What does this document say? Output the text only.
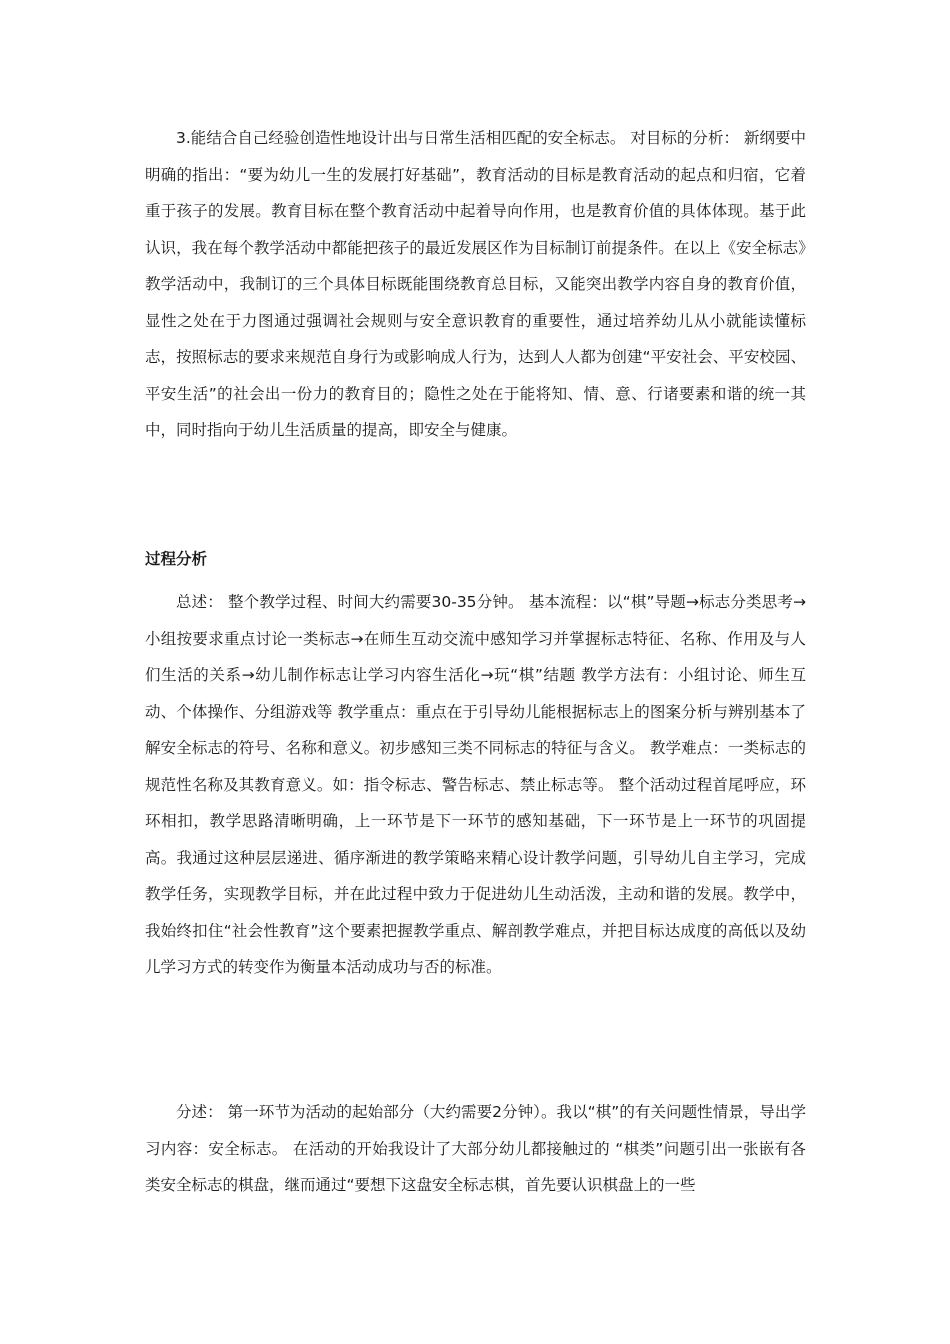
3.能结合自己经验创造性地设计出与日常生活相匹配的安全标志。 对目标的分析： 新纲要中明确的指出：“要为幼儿一生的发展打好基础”，教育活动的目标是教育活动的起点和归宿，它着重于孩子的发展。教育目标在整个教育活动中起着导向作用，也是教育价值的具体体现。基于此认识，我在每个教学活动中都能把孩子的最近发展区作为目标制订前提条件。在以上《安全标志》教学活动中，我制订的三个具体目标既能围绕教育总目标，又能突出教学内容自身的教育价值，显性之处在于力图通过强调社会规则与安全意识教育的重要性，通过培养幼儿从小就能读懂标志，按照标志的要求来规范自身行为或影响成人行为，达到人人都为创建“平安社会、平安校园、平安生活”的社会出一份力的教育目的；隐性之处在于能将知、情、意、行诸要素和谐的统一其中，同时指向于幼儿生活质量的提高，即安全与健康。

过程分析

总述： 整个教学过程、时间大约需要30-35分钟。 基本流程：以“棋”导题→标志分类思考→小组按要求重点讨论一类标志→在师生互动交流中感知学习并掌握标志特征、名称、作用及与人们生活的关系→幼儿制作标志让学习内容生活化→玩“棋”结题 教学方法有：小组讨论、师生互动、个体操作、分组游戏等 教学重点：重点在于引导幼儿能根据标志上的图案分析与辨别基本了解安全标志的符号、名称和意义。初步感知三类不同标志的特征与含义。 教学难点：一类标志的规范性名称及其教育意义。如：指令标志、警告标志、禁止标志等。 整个活动过程首尾呼应，环环相扣，教学思路清晰明确，上一环节是下一环节的感知基础，下一环节是上一环节的巩固提高。我通过这种层层递进、循序渐进的教学策略来精心设计教学问题，引导幼儿自主学习，完成教学任务，实现教学目标，并在此过程中致力于促进幼儿生动活泼，主动和谐的发展。教学中，我始终扣住“社会性教育”这个要素把握教学重点、解剖教学难点，并把目标达成度的高低以及幼儿学习方式的转变作为衡量本活动成功与否的标准。

分述： 第一环节为活动的起始部分（大约需要2分钟）。我以“棋”的有关问题性情景，导出学习内容：安全标志。 在活动的开始我设计了大部分幼儿都接触过的 “棋类”问题引出一张嵌有各类安全标志的棋盘，继而通过“要想下这盘安全标志棋，首先要认识棋盘上的一些
